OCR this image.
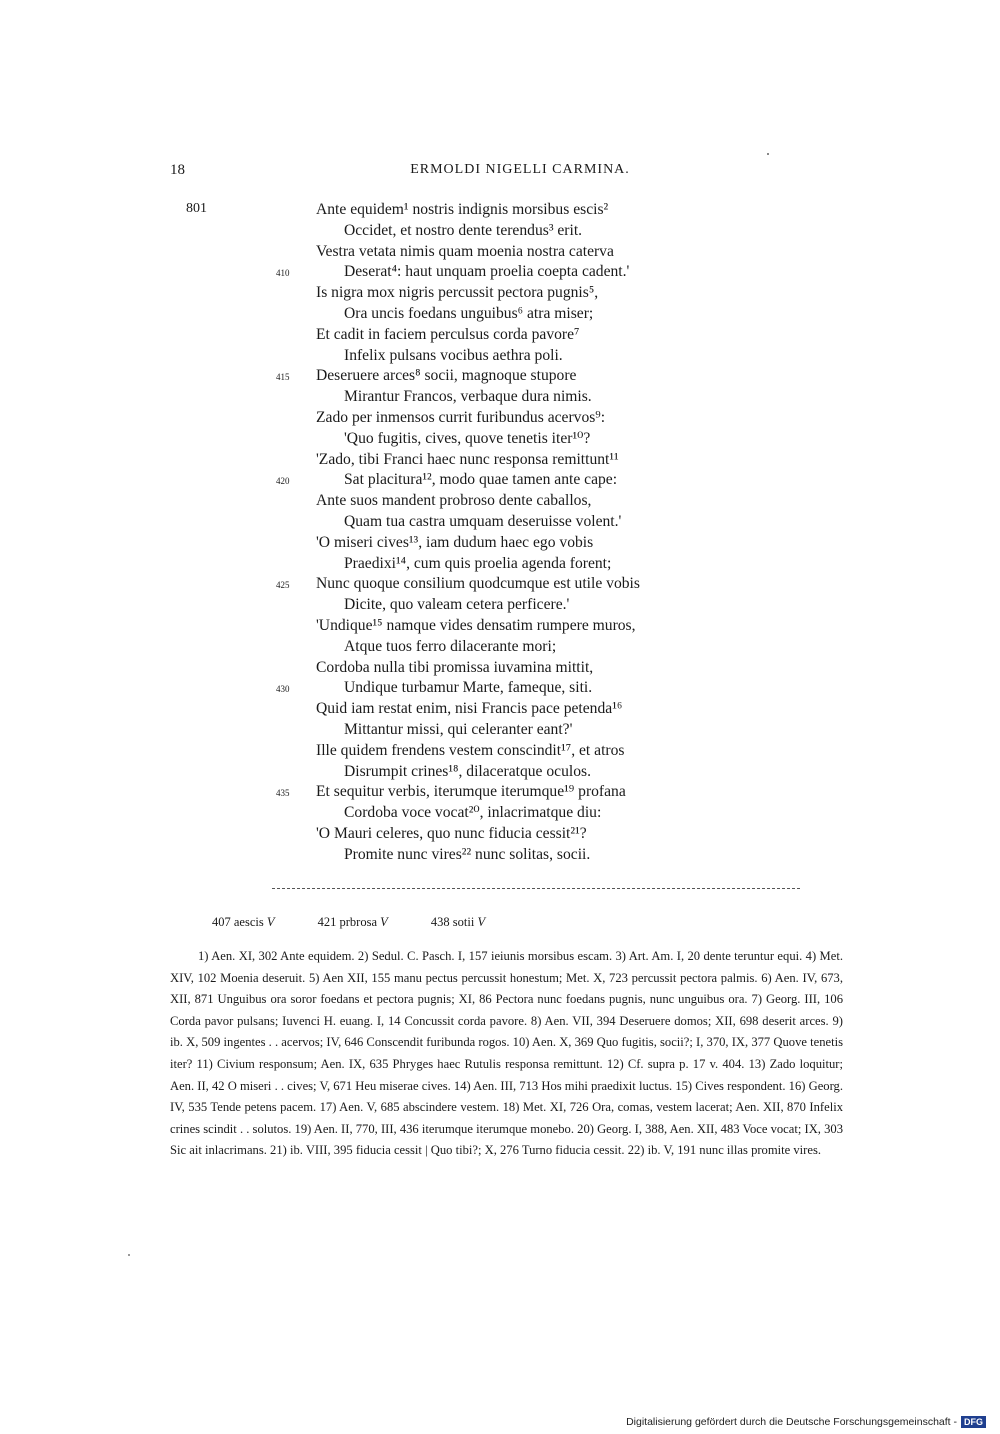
18	ERMOLDI NIGELLI CARMINA.
801	Ante equidem¹ nostris indignis morsibus escis²
Occidet, et nostro dente terendus³ erit.
Vestra vetata nimis quam moenia nostra caterva
410	Deserat⁴: haut unquam proelia coepta cadent.'
Is nigra mox nigris percussit pectora pugnis⁵,
Ora uncis foedans unguibus⁶ atra miser;
Et cadit in faciem perculsus corda pavore⁷
Infelix pulsans vocibus aethra poli.
415 Deseruere arces⁸ socii, magnoque stupore
Mirantur Francos, verbaque dura nimis.
Zado per inmensos currit furibundus acervos⁹:
'Quo fugitis, cives, quove tenetis iter¹⁰?
'Zado, tibi Franci haec nunc responsa remittunt¹¹
420	Sat placitura¹², modo quae tamen ante cape:
Ante suos mandent probroso dente caballos,
Quam tua castra umquam deseruisse volent.'
'O miseri cives¹³, iam dudum haec ego vobis
Praedixi¹⁴, cum quis proelia agenda forent;
425 Nunc quoque consilium quodcumque est utile vobis
Dicite, quo valeam cetera perficere.'
'Undique¹⁵ namque vides densatim rumpere muros,
Atque tuos ferro dilacerante mori;
Cordoba nulla tibi promissa iuvamina mittit,
430	Undique turbamur Marte, fameque, siti.
Quid iam restat enim, nisi Francis pace petenda¹⁶
Mittantur missi, qui celeranter eant?'
Ille quidem frendens vestem conscindit¹⁷, et atros
Disrumpit crines¹⁸, dilaceratque oculos.
435 Et sequitur verbis, iterumque iterumque¹⁹ profana
Cordoba voce vocat²⁰, inlacrimatque diu:
'O Mauri celeres, quo nunc fiducia cessit²¹?
Promite nunc vires²² nunc solitas, socii.
407 aescis V	421 prbrosa V	438 sotii V
1) Aen. XI, 302 Ante equidem. 2) Sedul. C. Pasch. I, 157 ieiunis morsibus escam. 3) Art. Am. I, 20 dente teruntur equi. 4) Met. XIV, 102 Moenia deseruit. 5) Aen XII, 155 manu pectus percussit honestum; Met. X, 723 percussit pectora palmis. 6) Aen. IV, 673, XII, 871 Unguibus ora soror foedans et pectora pugnis; XI, 86 Pectora nunc foedans pugnis, nunc unguibus ora. 7) Georg. III, 106 Corda pavor pulsans; Iuvenci H. euang. I, 14 Concussit corda pavore. 8) Aen. VII, 394 Deseruere domos; XII, 698 deserit arces. 9) ib. X, 509 ingentes . . acervos; IV, 646 Conscendit furibunda rogos. 10) Aen. X, 369 Quo fugitis, socii?; I, 370, IX, 377 Quove tenetis iter? 11) Civium responsum; Aen. IX, 635 Phryges haec Rutulis responsa remittunt. 12) Cf. supra p. 17 v. 404. 13) Zado loquitur; Aen. II, 42 O miseri . . cives; V, 671 Heu miserae cives. 14) Aen. III, 713 Hos mihi praedixit luctus. 15) Cives respondent. 16) Georg. IV, 535 Tende petens pacem. 17) Aen. V, 685 abscindere vestem. 18) Met. XI, 726 Ora, comas, vestem lacerat; Aen. XII, 870 Infelix crines scindit . . solutos. 19) Aen. II, 770, III, 436 iterumque iterumque monebo. 20) Georg. I, 388, Aen. XII, 483 Voce vocat; IX, 303 Sic ait inlacrimans. 21) ib. VIII, 395 fiducia cessit | Quo tibi?; X, 276 Turno fiducia cessit. 22) ib. V, 191 nunc illas promite vires.
Digitalisierung gefördert durch die Deutsche Forschungsgemeinschaft - DFG
